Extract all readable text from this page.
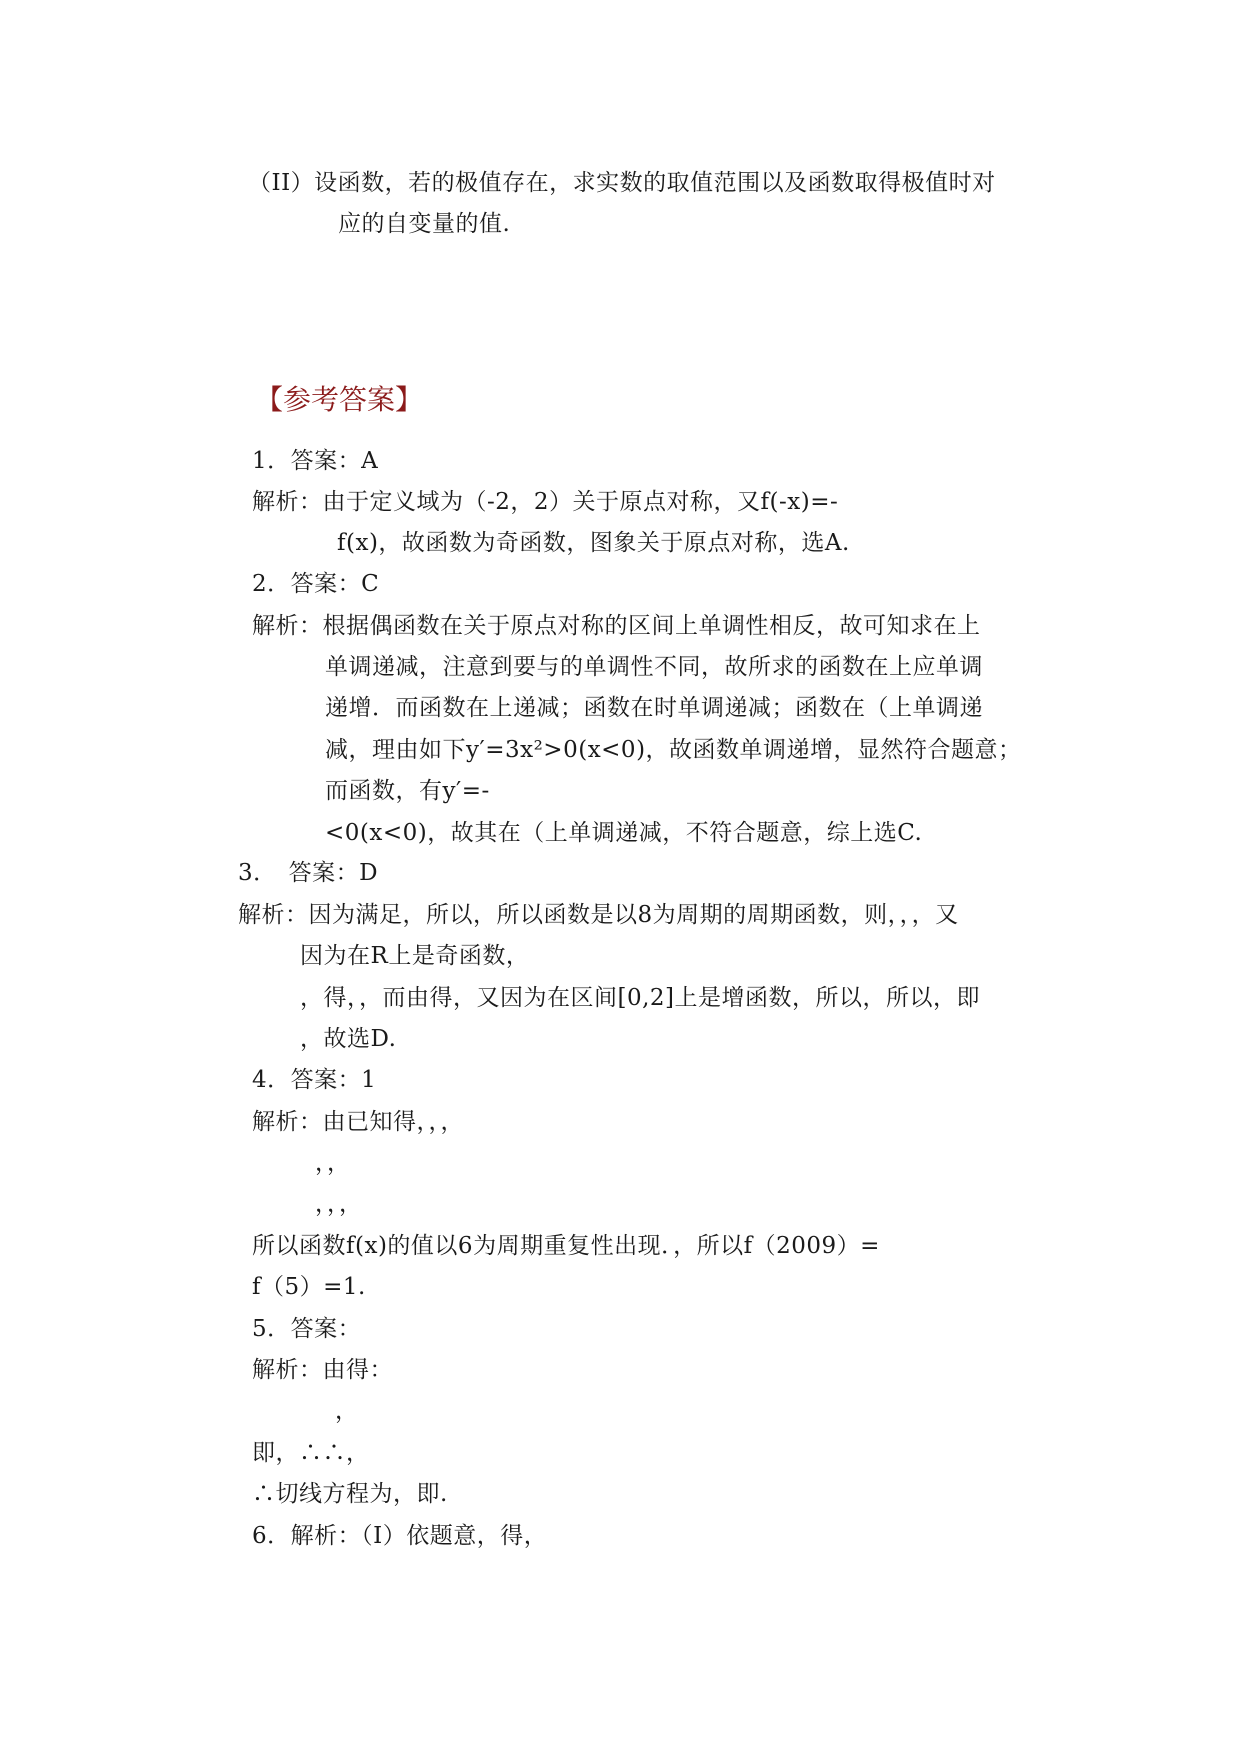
（II）设函数，若的极值存在，求实数的取值范围以及函数取得极值时对
应的自变量的值.
【参考答案】
1．答案：A
解析：由于定义域为（-2，2）关于原点对称，又f(-x)=-
f(x)，故函数为奇函数，图象关于原点对称，选A.
2．答案：C
解析：根据偶函数在关于原点对称的区间上单调性相反，故可知求在上
单调递减，注意到要与的单调性不同，故所求的函数在上应单调
递增．而函数在上递减；函数在时单调递减；函数在（上单调递
减，理由如下y′=3x²>0(x<0)，故函数单调递增，显然符合题意；
而函数，有y′=-
<0(x<0)，故其在（上单调递减，不符合题意，综上选C.
3．　答案：D
解析：因为满足，所以，所以函数是以8为周期的周期函数，则，，，又
因为在R上是奇函数，
，得，，而由得，又因为在区间[0,2]上是增函数，所以，所以，即
，故选D.
4．答案：1
解析：由已知得，，，
，，
，，，
所以函数f(x)的值以6为周期重复性出现．，所以f（2009）=
f（5）=1.
5．答案：
解析：由得：
，
即，∴∴，
∴切线方程为，即.
6．解析：（I）依题意，得，
